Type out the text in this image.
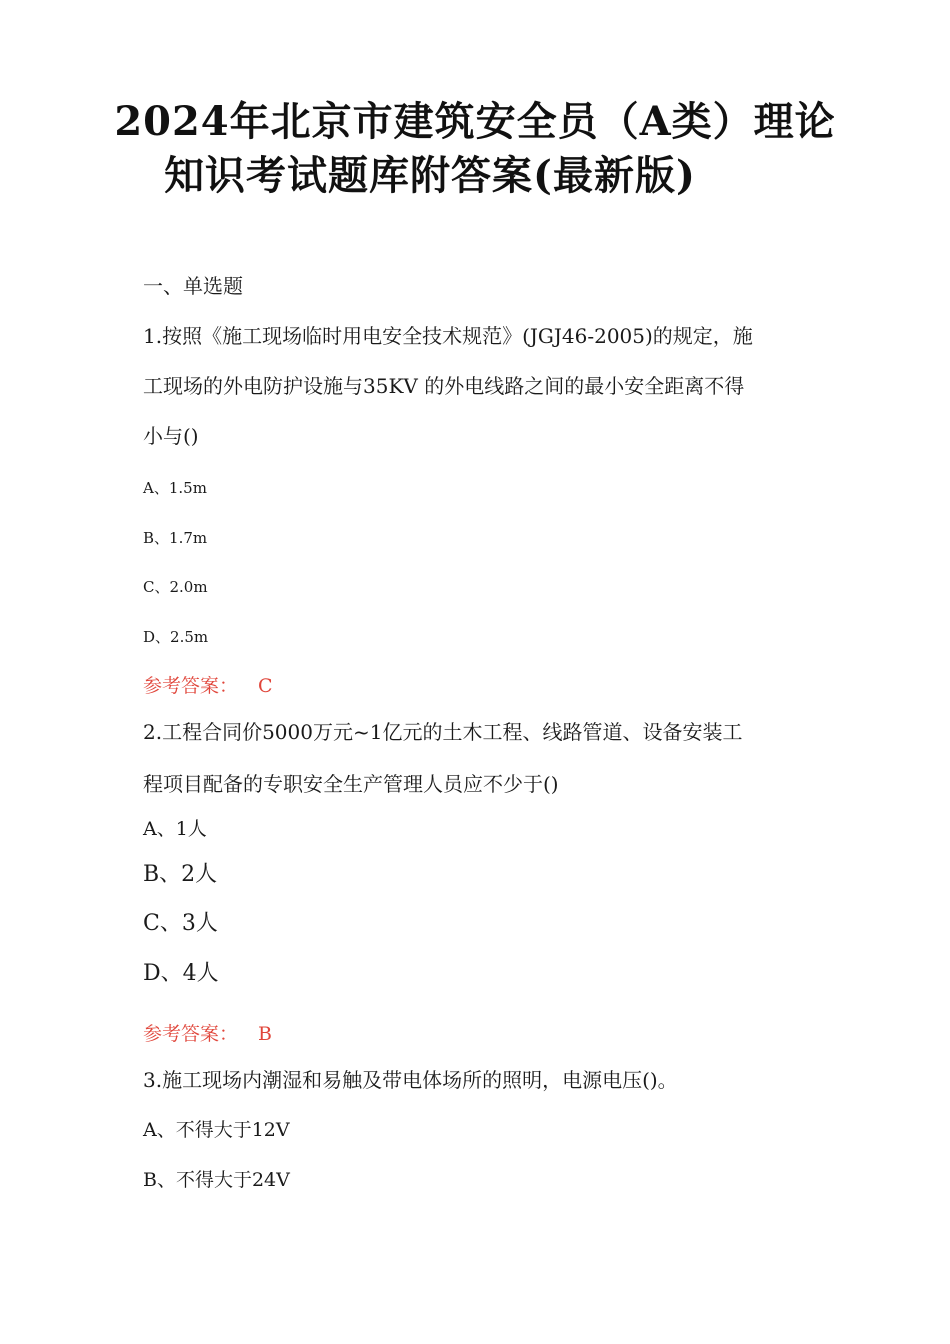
2024年北京市建筑安全员（A类）理论
知识考试题库附答案(最新版)

一、单选题

1.按照《施工现场临时用电安全技术规范》(JGJ46-2005)的规定，施

工现场的外电防护设施与35KV 的外电线路之间的最小安全距离不得

小与()

A、1.5m

B、1.7m

C、2.0m

D、2.5m

参考答案： C

2.工程合同价5000万元~1亿元的土木工程、线路管道、设备安装工

程项目配备的专职安全生产管理人员应不少于()

A、1人

B、2人

C、3人

D、4人

参考答案： B

3.施工现场内潮湿和易触及带电体场所的照明，电源电压()。

A、不得大于12V

B、不得大于24V
